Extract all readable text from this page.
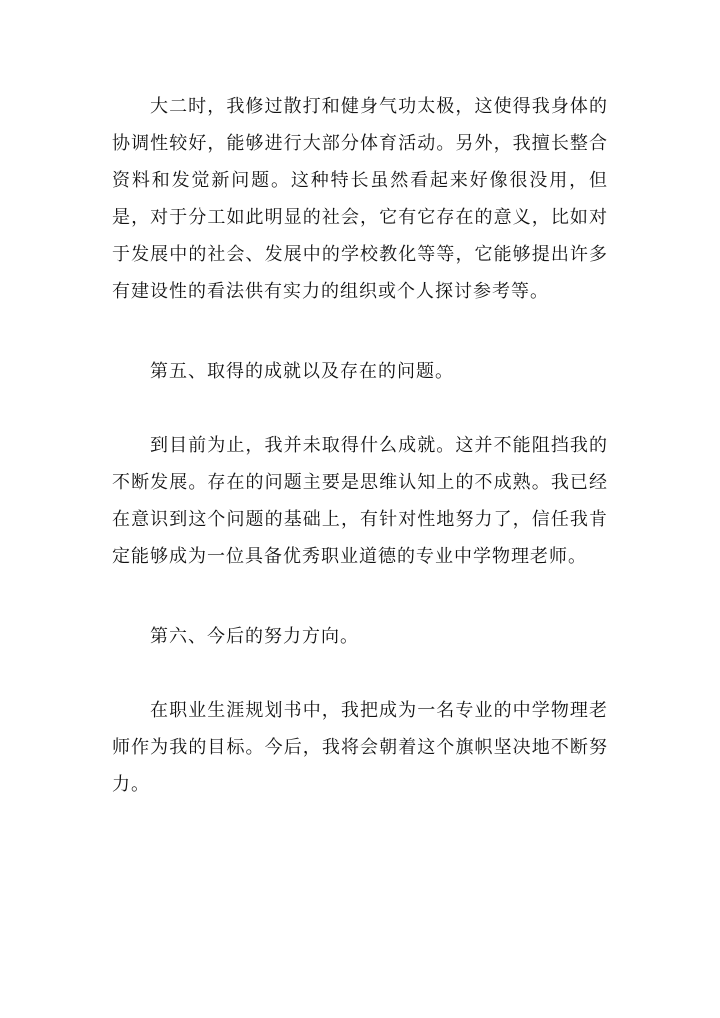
大二时，我修过散打和健身气功太极，这使得我身体的协调性较好，能够进行大部分体育活动。另外，我擅长整合资料和发觉新问题。这种特长虽然看起来好像很没用，但是，对于分工如此明显的社会，它有它存在的意义，比如对于发展中的社会、发展中的学校教化等等，它能够提出许多有建设性的看法供有实力的组织或个人探讨参考等。

第五、取得的成就以及存在的问题。

到目前为止，我并未取得什么成就。这并不能阻挡我的不断发展。存在的问题主要是思维认知上的不成熟。我已经在意识到这个问题的基础上，有针对性地努力了，信任我肯定能够成为一位具备优秀职业道德的专业中学物理老师。

第六、今后的努力方向。

在职业生涯规划书中，我把成为一名专业的中学物理老师作为我的目标。今后，我将会朝着这个旗帜坚决地不断努力。
